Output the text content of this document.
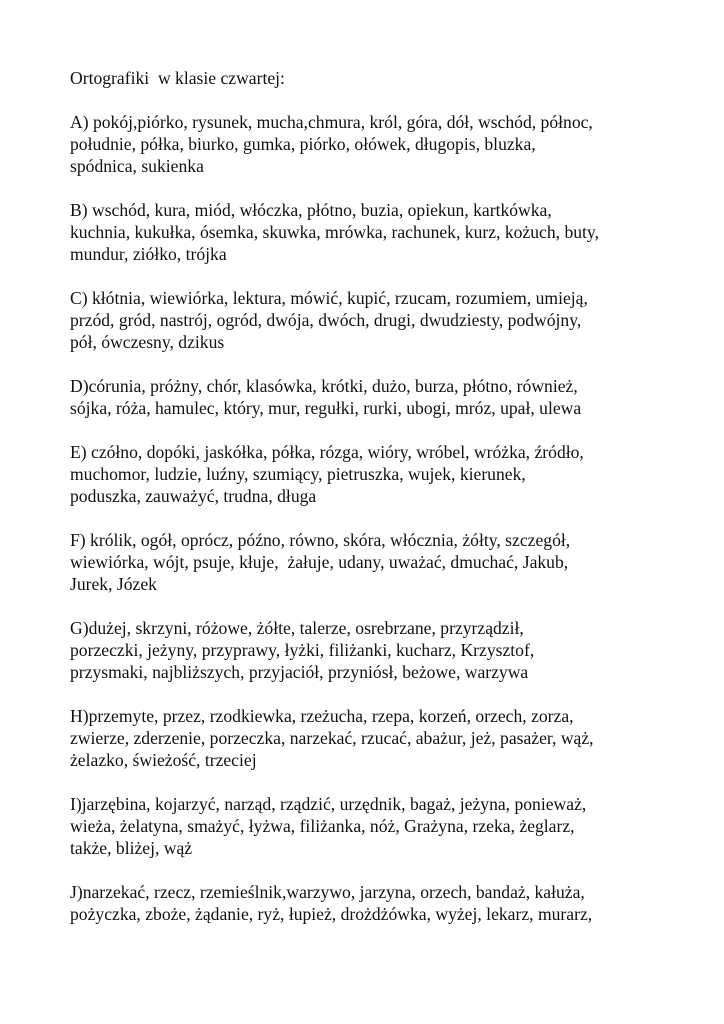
Ortografiki  w klasie czwartej:
A) pokój,piórko, rysunek, mucha,chmura, król, góra, dół, wschód, północ,
południe, półka, biurko, gumka, piórko, ołówek, długopis, bluzka,
spódnica, sukienka
B) wschód, kura, miód, włóczka, płótno, buzia, opiekun, kartkówka,
kuchnia, kukułka, ósemka, skuwka, mrówka, rachunek, kurz, kożuch, buty,
mundur, ziółko, trójka
C) kłótnia, wiewiórka, lektura, mówić, kupić, rzucam, rozumiem, umieją,
przód, gród, nastrój, ogród, dwója, dwóch, drugi, dwudziesty, podwójny,
pół, ówczesny, dzikus
D)córunia, próżny, chór, klasówka, krótki, dużo, burza, płótno, również,
sójka, róża, hamulec, który, mur, regułki, rurki, ubogi, mróz, upał, ulewa
E) czółno, dopóki, jaskółka, półka, rózga, wióry, wróbel, wróżka, źródło,
muchomor, ludzie, luźny, szumiący, pietruszka, wujek, kierunek,
poduszka, zauważyć, trudna, długa
F) królik, ogół, oprócz, późno, równo, skóra, włócznia, żółty, szczegół,
wiewiórka, wójt, psuje, kłuje,  żałuje, udany, uważać, dmuchać, Jakub,
Jurek, Józek
G)dużej, skrzyni, różowe, żółte, talerze, osrebrzane, przyrządził,
porzeczki, jeżyny, przyprawy, łyżki, filiżanki, kucharz, Krzysztof,
przysmaki, najbliższych, przyjaciół, przyniósł, beżowe, warzywa
H)przemyte, przez, rzodkiewka, rzeżucha, rzepa, korzeń, orzech, zorza,
zwierze, zderzenie, porzeczka, narzekać, rzucać, abażur, jeż, pasażer, wąż,
żelazko, świeżość, trzeciej
I)jarzębina, kojarzyć, narząd, rządzić, urzędnik, bagaż, jeżyna, ponieważ,
wieża, żelatyna, smażyć, łyżwa, filiżanka, nóż, Grażyna, rzeka, żeglarz,
także, bliżej, wąż
J)narzekać, rzecz, rzemieślnik,warzywo, jarzyna, orzech, bandaż, kałuża,
pożyczka, zboże, żądanie, ryż, łupież, drożdżówka, wyżej, lekarz, murarz,
